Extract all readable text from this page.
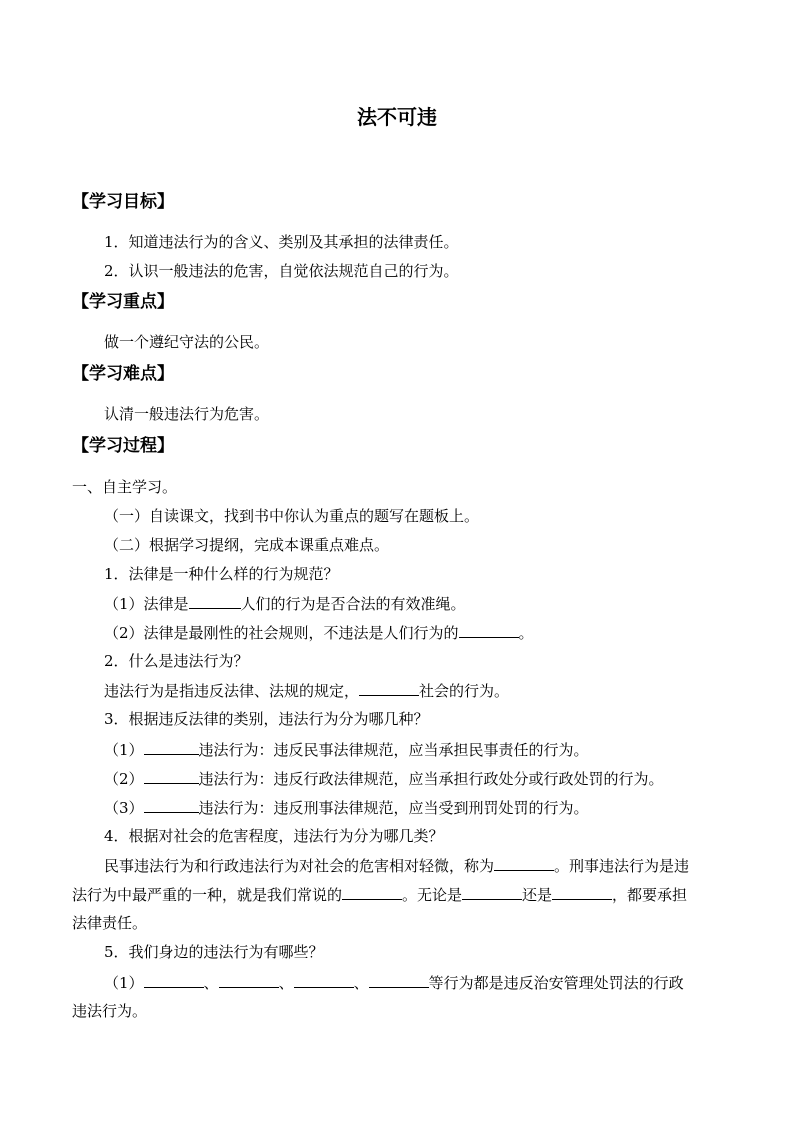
法不可违
【学习目标】
1．知道违法行为的含义、类别及其承担的法律责任。
2．认识一般违法的危害，自觉依法规范自己的行为。
【学习重点】
做一个遵纪守法的公民。
【学习难点】
认清一般违法行为危害。
【学习过程】
一、自主学习。
（一）自读课文，找到书中你认为重点的题写在题板上。
（二）根据学习提纲，完成本课重点难点。
1．法律是一种什么样的行为规范？
（1）法律是	人们的行为是否合法的有效准绳。
（2）法律是最刚性的社会规则，不违法是人们行为的	。
2．什么是违法行为？
违法行为是指违反法律、法规的规定，	社会的行为。
3．根据违反法律的类别，违法行为分为哪几种？
（1）	违法行为：违反民事法律规范，应当承担民事责任的行为。
（2）	违法行为：违反行政法律规范，应当承担行政处分或行政处罚的行为。
（3）	违法行为：违反刑事法律规范，应当受到刑罚处罚的行为。
4．根据对社会的危害程度，违法行为分为哪几类？
民事违法行为和行政违法行为对社会的危害相对轻微，称为	。刑事违法行为是违
法行为中最严重的一种，就是我们常说的	。无论是	还是	，都要承担
法律责任。
5．我们身边的违法行为有哪些？
（1）	、	、	、	等行为都是违反治安管理处罚法的行政
违法行为。
